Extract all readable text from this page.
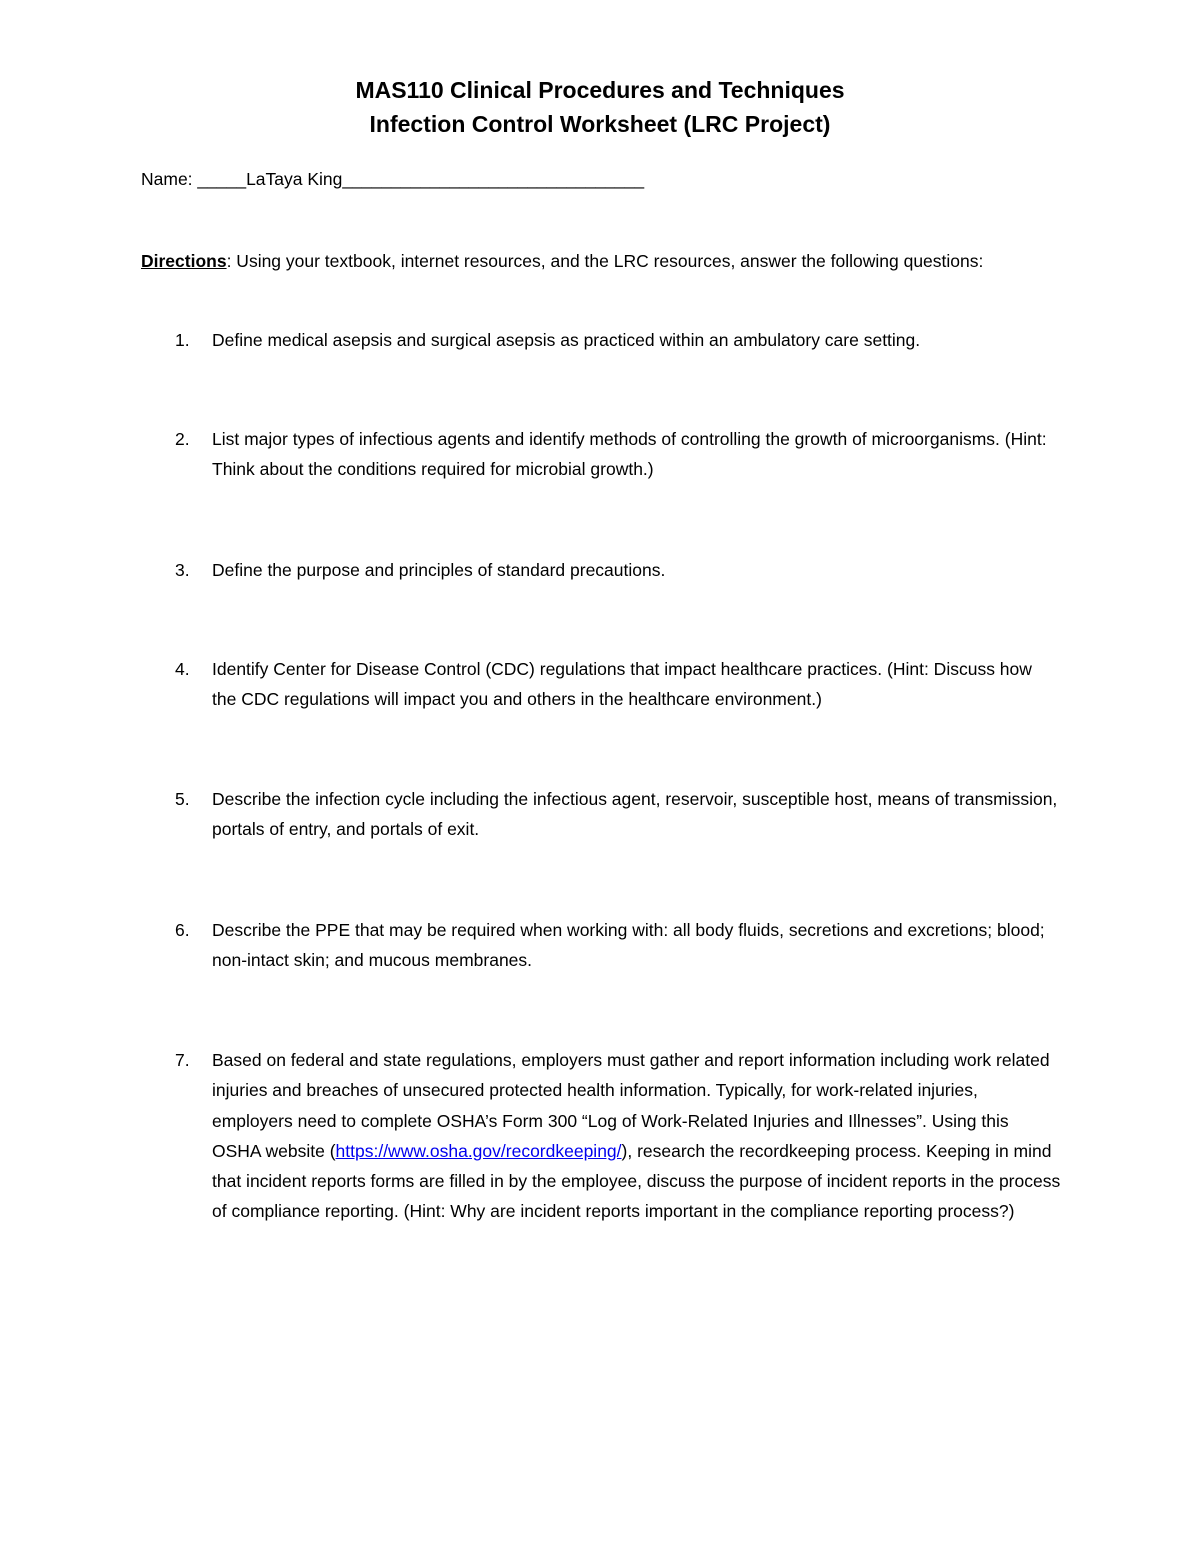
MAS110 Clinical Procedures and Techniques
Infection Control Worksheet (LRC Project)
Name: _____LaTaya King_______________________________
Directions: Using your textbook, internet resources, and the LRC resources, answer the following questions:
1.	Define medical asepsis and surgical asepsis as practiced within an ambulatory care setting.
2.	List major types of infectious agents and identify methods of controlling the growth of microorganisms. (Hint: Think about the conditions required for microbial growth.)
3.	Define the purpose and principles of standard precautions.
4.	Identify Center for Disease Control (CDC) regulations that impact healthcare practices. (Hint: Discuss how the CDC regulations will impact you and others in the healthcare environment.)
5.	Describe the infection cycle including the infectious agent, reservoir, susceptible host, means of transmission, portals of entry, and portals of exit.
6.	Describe the PPE that may be required when working with: all body fluids, secretions and excretions; blood; non-intact skin; and mucous membranes.
7.	Based on federal and state regulations, employers must gather and report information including work related injuries and breaches of unsecured protected health information. Typically, for work-related injuries, employers need to complete OSHA’s Form 300 “Log of Work-Related Injuries and Illnesses”. Using this OSHA website (https://www.osha.gov/recordkeeping/), research the recordkeeping process. Keeping in mind that incident reports forms are filled in by the employee, discuss the purpose of incident reports in the process of compliance reporting. (Hint: Why are incident reports important in the compliance reporting process?)
